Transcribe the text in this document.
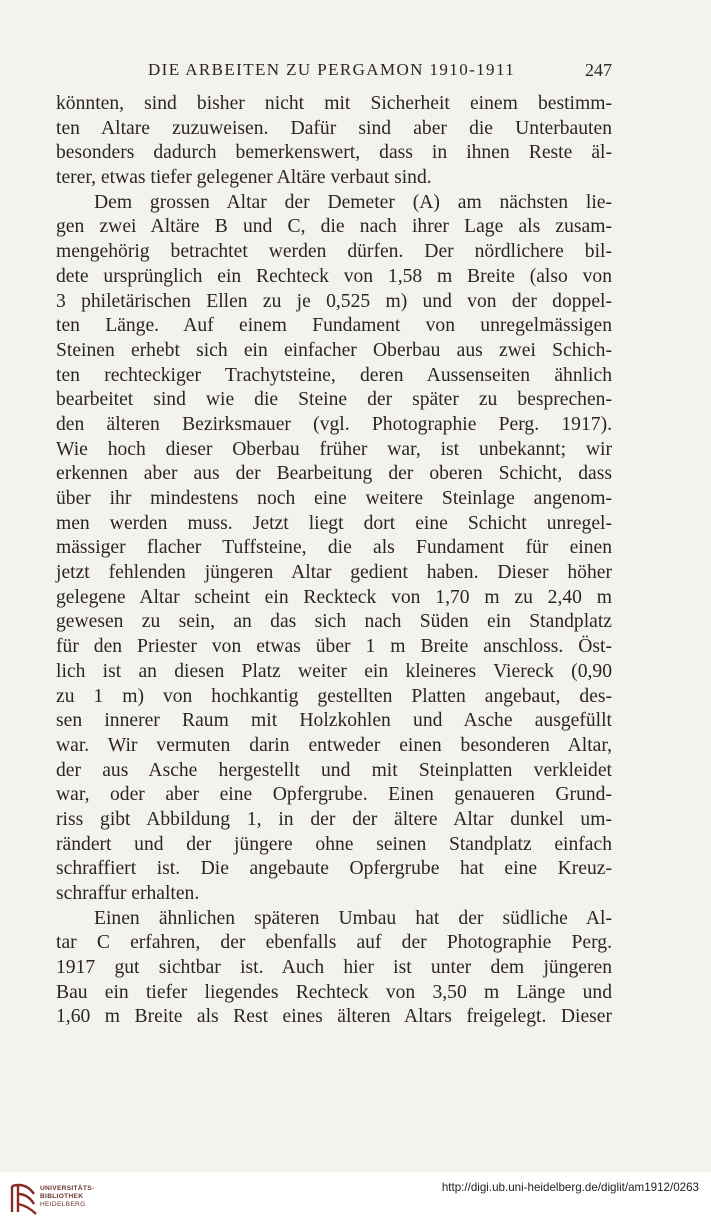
DIE ARBEITEN ZU PERGAMON 1910-1911	247
könnten, sind bisher nicht mit Sicherheit einem bestimm-
ten Altare zuzuweisen. Dafür sind aber die Unterbauten
besonders dadurch bemerkenswert, dass in ihnen Reste äl-
terer, etwas tiefer gelegener Altäre verbaut sind.
Dem grossen Altar der Demeter (A) am nächsten lie-
gen zwei Altäre B und C, die nach ihrer Lage als zusam-
mengehörig betrachtet werden dürfen. Der nördlichere bil-
dete ursprünglich ein Rechteck von 1,58 m Breite (also von
3 philetärischen Ellen zu je 0,525 m) und von der doppel-
ten Länge. Auf einem Fundament von unregelmässigen
Steinen erhebt sich ein einfacher Oberbau aus zwei Schich-
ten rechteckiger Trachytsteine, deren Aussenseiten ähnlich
bearbeitet sind wie die Steine der später zu besprechen-
den älteren Bezirksmauer (vgl. Photographie Perg. 1917).
Wie hoch dieser Oberbau früher war, ist unbekannt; wir
erkennen aber aus der Bearbeitung der oberen Schicht, dass
über ihr mindestens noch eine weitere Steinlage angenom-
men werden muss. Jetzt liegt dort eine Schicht unregel-
mässiger flacher Tuffsteine, die als Fundament für einen
jetzt fehlenden jüngeren Altar gedient haben. Dieser höher
gelegene Altar scheint ein Reckteck von 1,70 m zu 2,40 m
gewesen zu sein, an das sich nach Süden ein Standplatz
für den Priester von etwas über 1 m Breite anschloss. Öst-
lich ist an diesen Platz weiter ein kleineres Viereck (0,90
zu 1 m) von hochkantig gestellten Platten angebaut, des-
sen innerer Raum mit Holzkohlen und Asche ausgefüllt
war. Wir vermuten darin entweder einen besonderen Altar,
der aus Asche hergestellt und mit Steinplatten verkleidet
war, oder aber eine Opfergrube. Einen genaueren Grund-
riss gibt Abbildung 1, in der der ältere Altar dunkel um-
rändert und der jüngere ohne seinen Standplatz einfach
schraffiert ist. Die angebaute Opfergrube hat eine Kreuz-
schraffur erhalten.
Einen ähnlichen späteren Umbau hat der südliche Al-
tar C erfahren, der ebenfalls auf der Photographie Perg.
1917 gut sichtbar ist. Auch hier ist unter dem jüngeren
Bau ein tiefer liegendes Rechteck von 3,50 m Länge und
1,60 m Breite als Rest eines älteren Altars freigelegt. Dieser
UNIVERSITÄTS-
BIBLIOTHEK
HEIDELBERG
http://digi.ub.uni-heidelberg.de/diglit/am1912/0263
